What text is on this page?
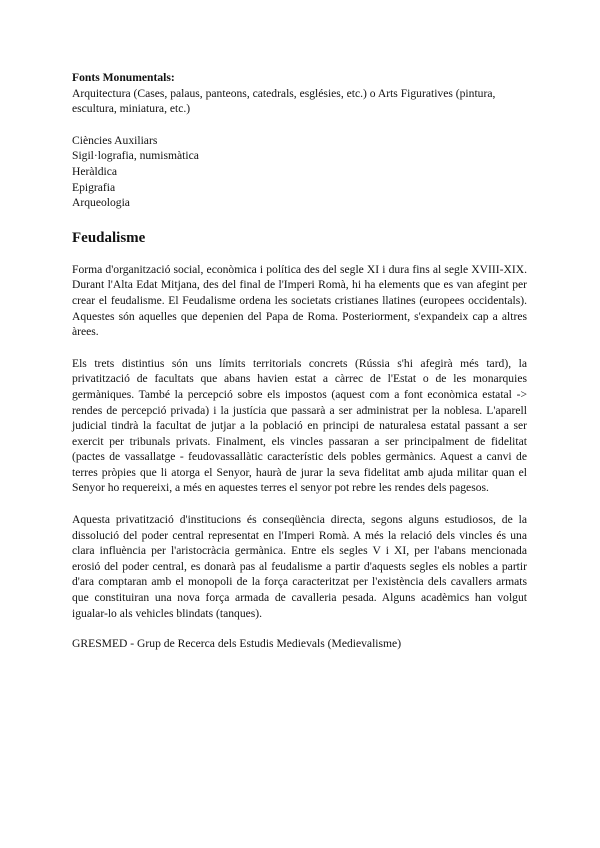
Fonts Monumentals:

Arquitectura (Cases, palaus, panteons, catedrals, esglésies, etc.) o Arts Figuratives (pintura, escultura, miniatura, etc.)

Ciències Auxiliars
Sigil·lografia, numismàtica
Heràldica
Epigrafia
Arqueologia
Feudalisme

Forma d'organització social, econòmica i política des del segle XI i dura fins al segle XVIII-XIX. Durant l'Alta Edat Mitjana, des del final de l'Imperi Romà, hi ha elements que es van afegint per crear el feudalisme. El Feudalisme ordena les societats cristianes llatines (europees occidentals). Aquestes són aquelles que depenien del Papa de Roma. Posteriorment, s'expandeix cap a altres àrees.

Els trets distintius són uns límits territorials concrets (Rússia s'hi afegirà més tard), la privatització de facultats que abans havien estat a càrrec de l'Estat o de les monarquies germàniques. També la percepció sobre els impostos (aquest com a font econòmica estatal -> rendes de percepció privada) i la justícia que passarà a ser administrat per la noblesa. L'aparell judicial tindrà la facultat de jutjar a la població en principi de naturalesa estatal passant a ser exercit per tribunals privats. Finalment, els vincles passaran a ser principalment de fidelitat (pactes de vassallatge - feudovassallàtic característic dels pobles germànics. Aquest a canvi de terres pròpies que li atorga el Senyor, haurà de jurar la seva fidelitat amb ajuda militar quan el Senyor ho requereixi, a més en aquestes terres el senyor pot rebre les rendes dels pagesos.

Aquesta privatització d'institucions és conseqüència directa, segons alguns estudiosos, de la dissolució del poder central representat en l'Imperi Romà. A més la relació dels vincles és una clara influència per l'aristocràcia germànica. Entre els segles V i XI, per l'abans mencionada erosió del poder central, es donarà pas al feudalisme a partir d'aquests segles els nobles a partir d'ara comptaran amb el monopoli de la força caracteritzat per l'existència dels cavallers armats que constituiran una nova força armada de cavalleria pesada. Alguns acadèmics han volgut igualar-lo als vehicles blindats (tanques).

GRESMED - Grup de Recerca dels Estudis Medievals (Medievalisme)
